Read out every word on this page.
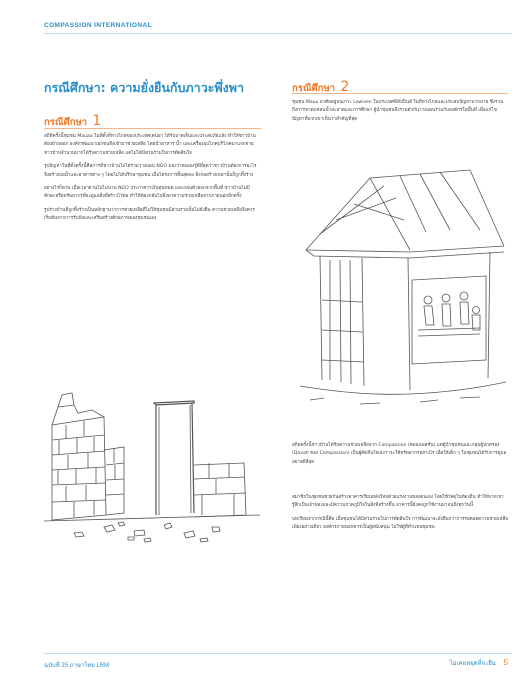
COMPASSION INTERNATIONAL
กรณีศึกษา: ความยั่งยืนกับภาวะพึ่งพา
กรณีศึกษา 1

สถิติครั้งนี้ชุมชน Mauaa ในที่ตั้งที่ห่างไกลของประเทศเคนยา ได้รับบาดเจ็บและประสบภัยแล้ง ทำให้ชาวบ้านต้องย้ายออก องค์กรพัฒนาเอกชนจึงเข้ามาช่วยเหลือ โดยนำอาหาร น้ำ และเครื่องอุปโภคบริโภคมาแจกจ่าย ชาวบ้านจำนวนมากได้รับความช่วยเหลือ แต่ไม่ได้มีส่วนร่วมในการตัดสินใจ

รูปปัญหาในที่ตั้งครั้งนี้คือการที่ชาวบ้านไม่ได้ร่วมวางแผน NGO มองว่าตนเองรู้ดีที่สุดว่าชาวบ้านต้องการอะไร จึงสร้างบ่อน้ำและอาคารต่าง ๆ โดยไม่ได้ปรึกษาชุมชน เมื่อโครงการสิ้นสุดลง สิ่งก่อสร้างเหล่านั้นก็ถูกทิ้งร้าง

อย่างไรก็ตาม เมื่อเวลาผ่านไปไม่นาน NGO ประกาศว่าเงินทุนหมด และถอนตัวออกจากพื้นที่ ชาวบ้านไม่มีทักษะหรือทรัพยากรที่จะดูแลสิ่งที่สร้างไว้ต่อ ทำให้ต้องกลับไปพึ่งพาความช่วยเหลือจากภายนอกอีกครั้ง

รูปร่างบ้านที่ถูกทิ้งร้างเป็นหลักฐานว่าการช่วยเหลือที่ไม่ให้ชุมชนมีส่วนร่วมนั้นไม่ยั่งยืน ความช่วยเหลือจึงควรเริ่มต้นจากการรับฟังและเสริมสร้างศักยภาพของชุมชนเอง

กรณีศึกษา 2

ชุมชน Mauu อาศัยอยู่บนเกาะ Lewisen ในประเทศฟิลิปปินส์ ในที่ห่างไกลและประสบปัญหามากมาย ซึ่งรวมถึงการขาดแคลนน้ำสะอาดและการศึกษา ผู้นำชุมชนจึงรวมตัวกันวางแผนร่วมกับองค์กรในพื้นที่ เพื่อแก้ไขปัญหาที่พวกเขาเห็นว่าสำคัญที่สุด

สถิตครั้งนี้ชาวบ้านได้รับความช่วยเหลือจาก Compassion (คอมแพสชั่น) แต่ผู้นำชุมชนและกลุ่มผู้ปกครอง (Qavah ของ Compassion) เป็นผู้ตัดสินใจเองว่าจะใช้ทรัพยากรอย่างไร เพื่อให้เด็ก ๆ ในชุมชนได้รับการดูแลอย่างดีที่สุด

สมาชิกในชุมชนช่วยกันสร้างอาคารเรียนหลังใหม่ด้วยแรงงานของตนเอง โดยใช้วัสดุในท้องถิ่น ทำให้พวกเขารู้สึกเป็นเจ้าของและมีความภาคภูมิใจในสิ่งที่สร้างขึ้น อาคารนี้ยังคงถูกใช้งานมาจนถึงทุกวันนี้

บทเรียนจากกรณีนี้คือ เมื่อชุมชนได้มีส่วนร่วมในการตัดสินใจ การพัฒนาจะยั่งยืนกว่าการรอคอยความช่วยเหลือเพียงอย่างเดียว องค์กรภายนอกควรเป็นผู้สนับสนุน ไม่ใช่ผู้ที่ทำแทนชุมชน

ฉบับที่ 25 ภาษาไทย LRM	ไม่เคยหยุดที่จะยืน 5
